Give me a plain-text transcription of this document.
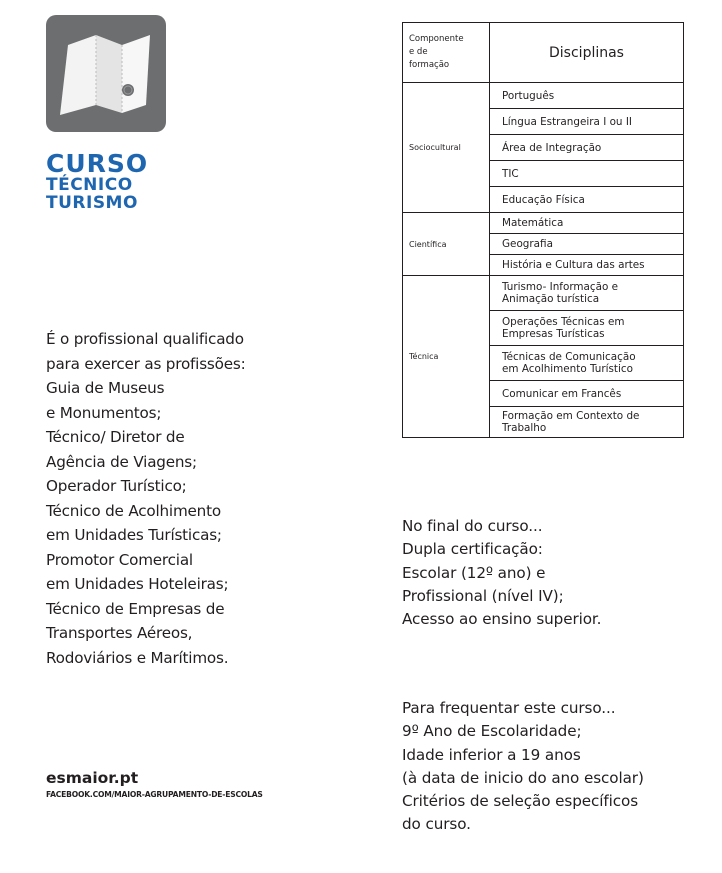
CURSO
TÉCNICO
TURISMO
É o profissional qualificado
para exercer as profissões:
Guia de Museus
e Monumentos;
Técnico/ Diretor de
Agência de Viagens;
Operador Turístico;
Técnico de Acolhimento
em Unidades Turísticas;
Promotor Comercial
em Unidades Hoteleiras;
Técnico de Empresas de
Transportes Aéreos,
Rodoviários e Marítimos.
esmaior.pt
FACEBOOK.COM/MAIOR-AGRUPAMENTO-DE-ESCOLAS
Componente
e de
formação	Disciplinas
Sociocultural	Português
	Língua Estrangeira I ou II
	Área de Integração
	TIC
	Educação Física
Científica	Matemática
	Geografia
	História e Cultura das artes
Técnica	Turismo- Informação e
Animação turística

	Operações Técnicas em
Empresas Turísticas

	Técnicas de Comunicação
em Acolhimento Turístico

	Comunicar em Francês

	Formação em Contexto de
Trabalho
No final do curso...
Dupla certificação:
Escolar (12º ano) e
Profissional (nível IV);
Acesso ao ensino superior.
Para frequentar este curso...
9º Ano de Escolaridade;
Idade inferior a 19 anos
(à data de inicio do ano escolar)
Critérios de seleção específicos
do curso.
